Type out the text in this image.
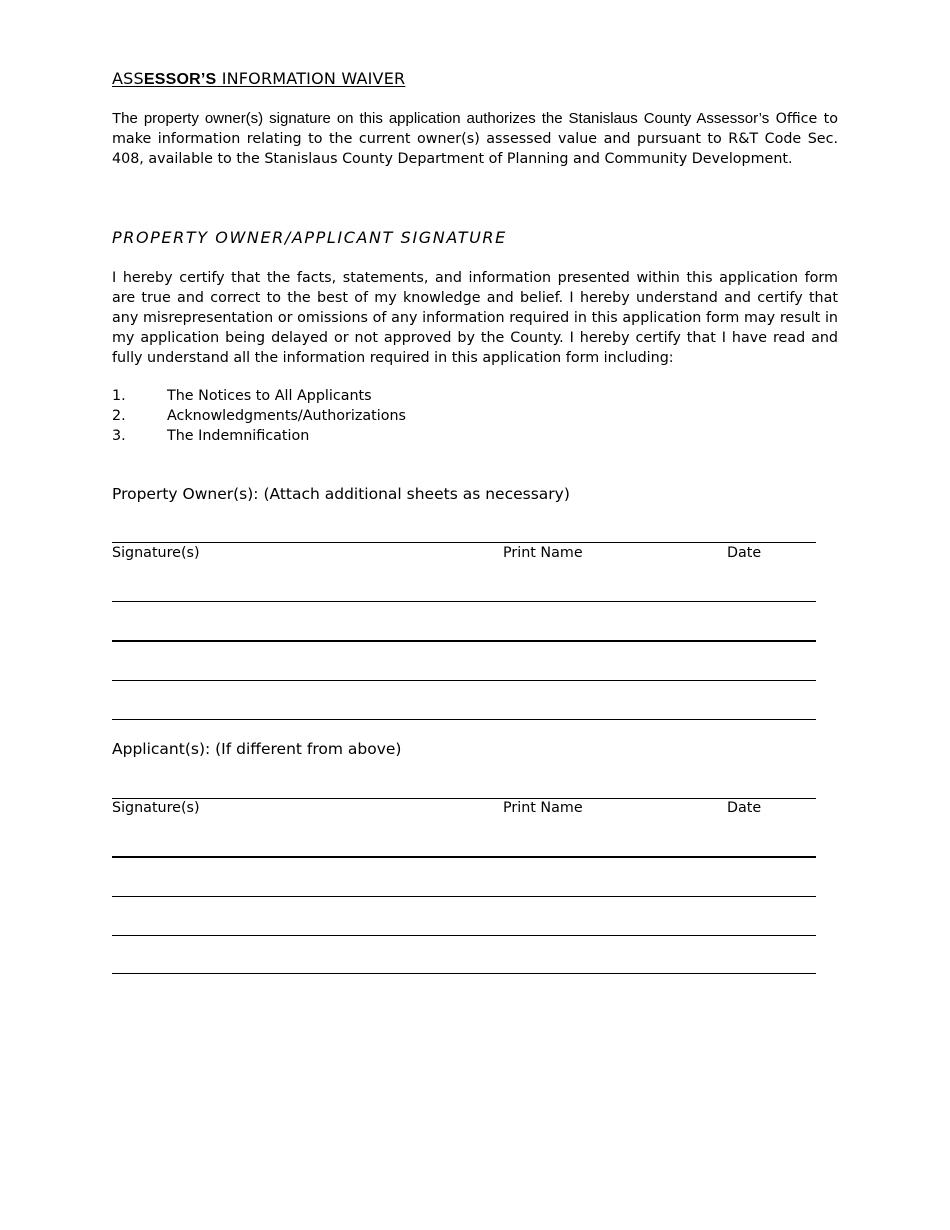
ASSESSOR’S INFORMATION WAIVER
The property owner(s) signature on this application authorizes the Stanislaus County Assessor’s Office to make information relating to the current owner(s) assessed value and pursuant to R&T Code Sec. 408, available to the Stanislaus County Department of Planning and Community Development.
PROPERTY OWNER/APPLICANT SIGNATURE
I hereby certify that the facts, statements, and information presented within this application form are true and correct to the best of my knowledge and belief. I hereby understand and certify that any misrepresentation or omissions of any information required in this application form may result in my application being delayed or not approved by the County. I hereby certify that I have read and fully understand all the information required in this application form including:
1.	The Notices to All Applicants
2.	Acknowledgments/Authorizations
3.	The Indemnification
Property Owner(s): (Attach additional sheets as necessary)
Signature(s)	Print Name	Date
Applicant(s): (If different from above)
Signature(s)	Print Name	Date
